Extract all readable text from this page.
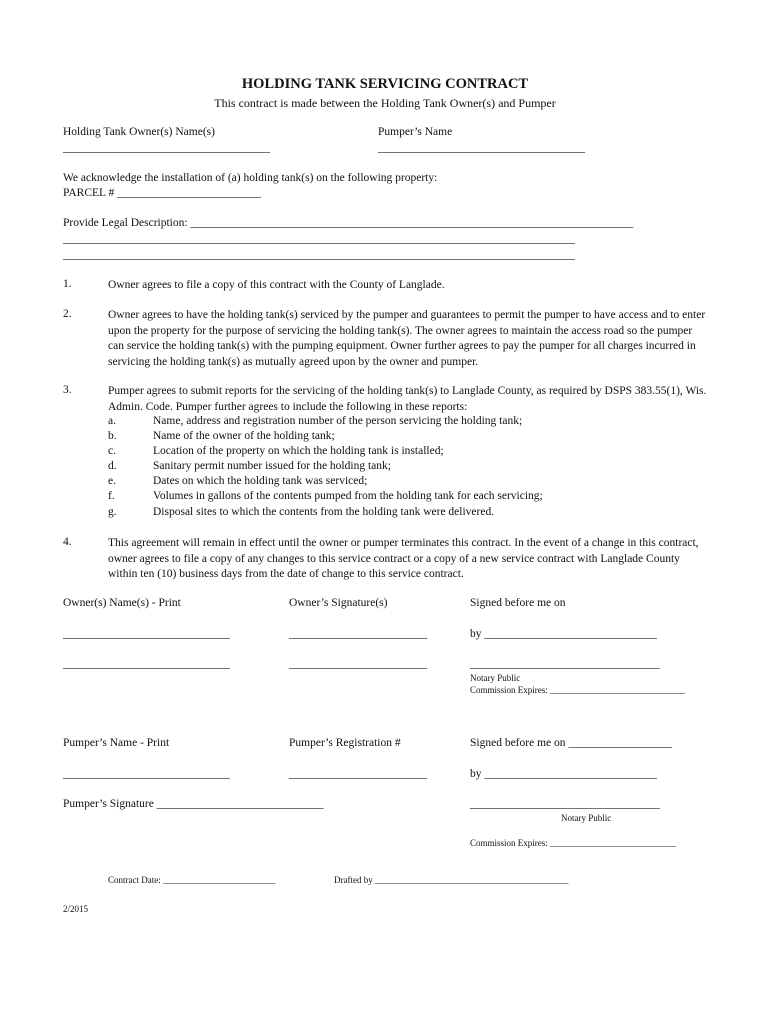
HOLDING TANK SERVICING CONTRACT
This contract is made between the Holding Tank Owner(s) and Pumper
Holding Tank Owner(s) Name(s)
____________________________________
Pumper’s Name
____________________________________
We acknowledge the installation of (a) holding tank(s) on the following property:
PARCEL # _________________________
Provide Legal Description: _____________________________________________________________________________
_________________________________________________________________________________________
_________________________________________________________________________________________
1.	Owner agrees to file a copy of this contract with the County of Langlade.
2.	Owner agrees to have the holding tank(s) serviced by the pumper and guarantees to permit the pumper to have access and to enter upon the property for the purpose of servicing the holding tank(s). The owner agrees to maintain the access road so the pumper can service the holding tank(s) with the pumping equipment. Owner further agrees to pay the pumper for all charges incurred in servicing the holding tank(s) as mutually agreed upon by the owner and pumper.
3.	Pumper agrees to submit reports for the servicing of the holding tank(s) to Langlade County, as required by DSPS 383.55(1), Wis. Admin. Code. Pumper further agrees to include the following in these reports:
a.	Name, address and registration number of the person servicing the holding tank;
b.	Name of the owner of the holding tank;
c.	Location of the property on which the holding tank is installed;
d.	Sanitary permit number issued for the holding tank;
e.	Dates on which the holding tank was serviced;
f.	Volumes in gallons of the contents pumped from the holding tank for each servicing;
g.	Disposal sites to which the contents from the holding tank were delivered.
4.	This agreement will remain in effect until the owner or pumper terminates this contract. In the event of a change in this contract, owner agrees to file a copy of any changes to this service contract or a copy of a new service contract with Langlade County within ten (10) business days from the date of change to this service contract.
Owner(s) Name(s) - Print	Owner’s Signature(s)	Signed before me on
_____________________________	________________________	by ______________________________
_____________________________	________________________	_________________________________
Notary Public
Commission Expires: ______________________________
Pumper’s Name - Print	Pumper’s Registration #	Signed before me on __________________
_____________________________	________________________	by ______________________________
Pumper’s Signature _____________________________	_________________________________
Notary Public
Commission Expires: ____________________________
Contract Date: _________________________	Drafted by ___________________________________________
2/2015
